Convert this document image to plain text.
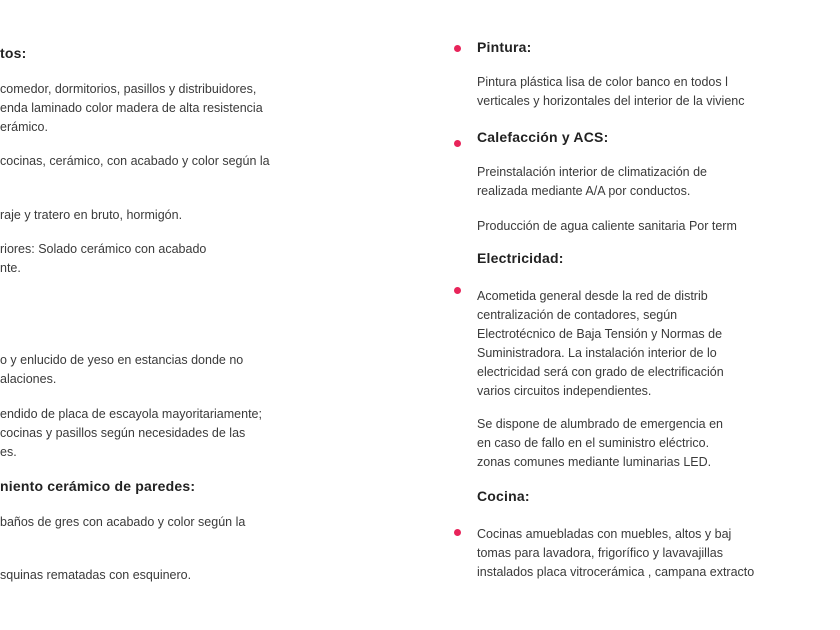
tos:
comedor, dormitorios, pasillos y distribuidores,
enda laminado color madera de alta resistencia
erámico.
cocinas, cerámico, con acabado y color según la
raje y tratero en bruto, hormigón.
riores: Solado cerámico con acabado
nte.
o y enlucido de yeso en estancias donde no
alaciones.
endido de placa de escayola mayoritariamente;
cocinas y pasillos según necesidades de las
es.
niento cerámico de paredes:
baños de gres con acabado y color según la
squinas rematadas con esquinero.
Pintura:
Pintura plástica lisa de color banco en todos l
verticales y horizontales del interior de la vivienc
Calefacción y ACS:
Preinstalación interior de climatización de
realizada mediante A/A por conductos.
Producción de agua caliente sanitaria Por term
Electricidad:
Acometida general desde la red de distrib
centralización de contadores, según
Electrotécnico de Baja Tensión y Normas de
Suministradora. La instalación interior de lo
electricidad será con grado de electrificación
varios circuitos independientes.
Se dispone de alumbrado de emergencia en
en caso de fallo en el suministro eléctrico.
zonas comunes mediante luminarias LED.
Cocina:
Cocinas amuebladas con muebles, altos y baj
tomas para lavadora, frigorífico y lavavajillas
instalados placa vitrocerámica , campana extracto
